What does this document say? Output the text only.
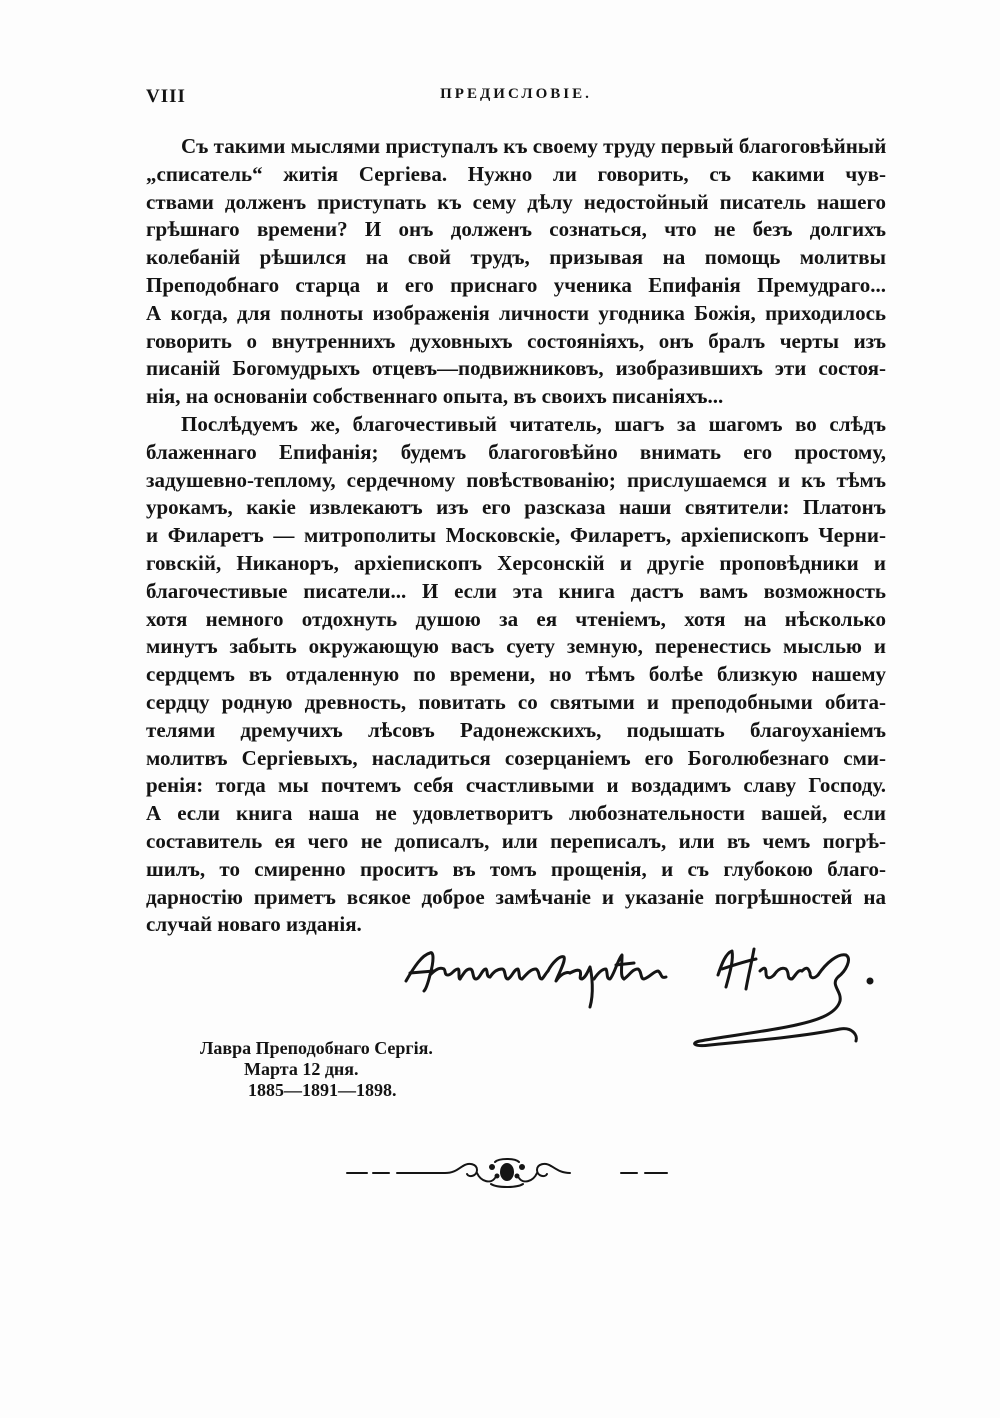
VIII	ПРЕДИСЛОВІЕ.
Съ такими мыслями приступалъ къ своему труду первый благоговѣйный
„списатель“ житія Сергіева. Нужно ли говорить, съ какими чув-
ствами долженъ приступать къ сему дѣлу недостойный писатель нашего
грѣшнаго времени? И онъ долженъ сознаться, что не безъ долгихъ
колебаній рѣшился на свой трудъ, призывая на помощь молитвы
Преподобнаго старца и его приснаго ученика Епифанія Премудраго...
А когда, для полноты изображенія личности угодника Божія, приходилось
говорить о внутреннихъ духовныхъ состояніяхъ, онъ бралъ черты изъ
писаній Богомудрыхъ отцевъ—подвижниковъ, изобразившихъ эти состоя-
нія, на основаніи собственнаго опыта, въ своихъ писаніяхъ...
Послѣдуемъ же, благочестивый читатель, шагъ за шагомъ во слѣдъ
блаженнаго Епифанія; будемъ благоговѣйно внимать его простому,
задушевно-теплому, сердечному повѣствованію; прислушаемся и къ тѣмъ
урокамъ, какіе извлекаютъ изъ его разсказа наши святители: Платонъ
и Филаретъ — митрополиты Московскіе, Филаретъ, архіепископъ Черни-
говскій, Никаноръ, архіепископъ Херсонскій и другіе проповѣдники и
благочестивые писатели... И если эта книга дастъ вамъ возможность
хотя немного отдохнуть душою за ея чтеніемъ, хотя на нѣсколько
минутъ забыть окружающую васъ суету земную, перенестись мыслью и
сердцемъ въ отдаленную по времени, но тѣмъ болѣе близкую нашему
сердцу родную древность, повитать со святыми и преподобными обита-
телями дремучихъ лѣсовъ Радонежскихъ, подышать благоуханіемъ
молитвъ Сергіевыхъ, насладиться созерцаніемъ его Боголюбезнаго сми-
ренія: тогда мы почтемъ себя счастливыми и воздадимъ славу Господу.
А если книга наша не удовлетворитъ любознательности вашей, если
составитель ея чего не дописалъ, или переписалъ, или въ чемъ погрѣ-
шилъ, то смиренно проситъ въ томъ прощенія, и съ глубокою благо-
дарностію приметъ всякое доброе замѣчаніе и указаніе погрѣшностей на
случай новаго изданія.
Лавра Преподобнаго Сергія.
Марта 12 дня.
1885—1891—1898.
